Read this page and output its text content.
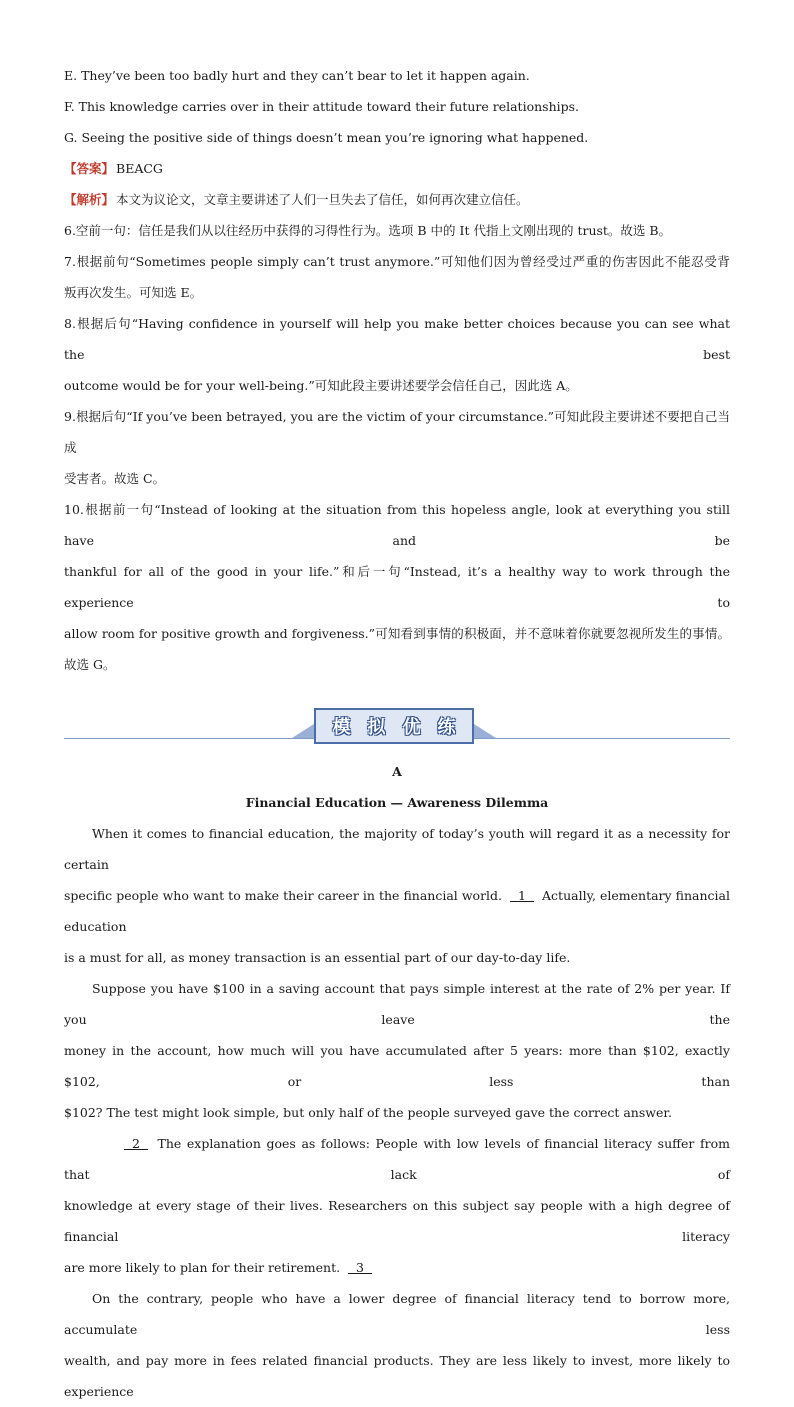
E. They’ve been too badly hurt and they can’t bear to let it happen again.

F. This knowledge carries over in their attitude toward their future relationships.

G. Seeing the positive side of things doesn’t mean you’re ignoring what happened.

【答案】 BEACG

【解析】 本文为议论文，文章主要讲述了人们一旦失去了信任，如何再次建立信任。

6.空前一句：信任是我们从以往经历中获得的习得性行为。选项 B 中的 It 代指上文刚出现的 trust。故选 B。

7.根据前句“Sometimes people simply can’t trust anymore.”可知他们因为曾经受过严重的伤害因此不能忍受背

叛再次发生。可知选 E。

8.根据后句“Having confidence in yourself will help you make better choices because you can see what the best

outcome would be for your well-being.”可知此段主要讲述要学会信任自己，因此选 A。

9.根据后句“If you’ve been betrayed, you are the victim of your circumstance.”可知此段主要讲述不要把自己当成

受害者。故选 C。

10.根据前一句“Instead of looking at the situation from this hopeless angle, look at everything you still have and be

thankful for all of the good in your life.”和后一句“Instead, it’s a healthy way to work through the experience to

allow room for positive growth and forgiveness.”可知看到事情的积极面，并不意味着你就要忽视所发生的事情。

故选 G。

模 拟 优 练
A
Financial Education — Awareness Dilemma

When it comes to financial education, the majority of today’s youth will regard it as a necessity for certain

specific people who want to make their career in the financial world. 1 Actually, elementary financial education

is a must for all, as money transaction is an essential part of our day-to-day life.

Suppose you have $100 in a saving account that pays simple interest at the rate of 2% per year. If you leave the

money in the account, how much will you have accumulated after 5 years: more than $102, exactly $102, or less than

$102? The test might look simple, but only half of the people surveyed gave the correct answer.

2 The explanation goes as follows: People with low levels of financial literacy suffer from that lack of

knowledge at every stage of their lives. Researchers on this subject say people with a high degree of financial literacy

are more likely to plan for their retirement. 3

On the contrary, people who have a lower degree of financial literacy tend to borrow more, accumulate less

wealth, and pay more in fees related financial products. They are less likely to invest, more likely to experience
